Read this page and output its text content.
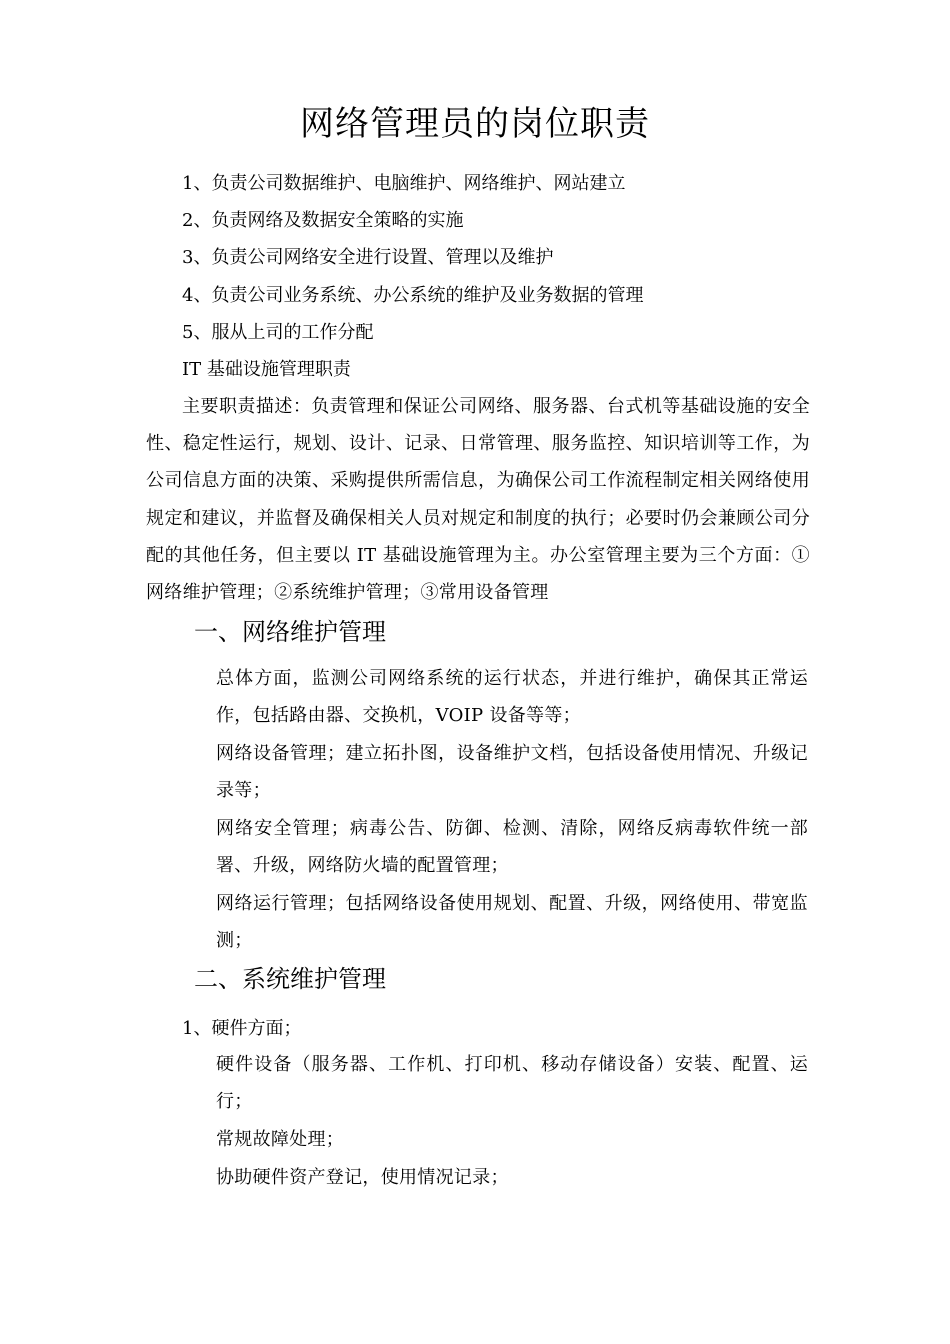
网络管理员的岗位职责
1、负责公司数据维护、电脑维护、网络维护、网站建立
2、负责网络及数据安全策略的实施
3、负责公司网络安全进行设置、管理以及维护
4、负责公司业务系统、办公系统的维护及业务数据的管理
5、服从上司的工作分配
IT 基础设施管理职责
主要职责描述：负责管理和保证公司网络、服务器、台式机等基础设施的安全性、稳定性运行，规划、设计、记录、日常管理、服务监控、知识培训等工作，为公司信息方面的决策、采购提供所需信息，为确保公司工作流程制定相关网络使用规定和建议，并监督及确保相关人员对规定和制度的执行；必要时仍会兼顾公司分配的其他任务，但主要以 IT 基础设施管理为主。办公室管理主要为三个方面：①网络维护管理；②系统维护管理；③常用设备管理
一、网络维护管理
总体方面，监测公司网络系统的运行状态，并进行维护，确保其正常运作，包括路由器、交换机，VOIP 设备等等；
网络设备管理；建立拓扑图，设备维护文档，包括设备使用情况、升级记录等；
网络安全管理；病毒公告、防御、检测、清除，网络反病毒软件统一部署、升级，网络防火墙的配置管理；
网络运行管理；包括网络设备使用规划、配置、升级，网络使用、带宽监测；
二、系统维护管理
1、硬件方面；
硬件设备（服务器、工作机、打印机、移动存储设备）安装、配置、运行；
常规故障处理；
协助硬件资产登记，使用情况记录；
